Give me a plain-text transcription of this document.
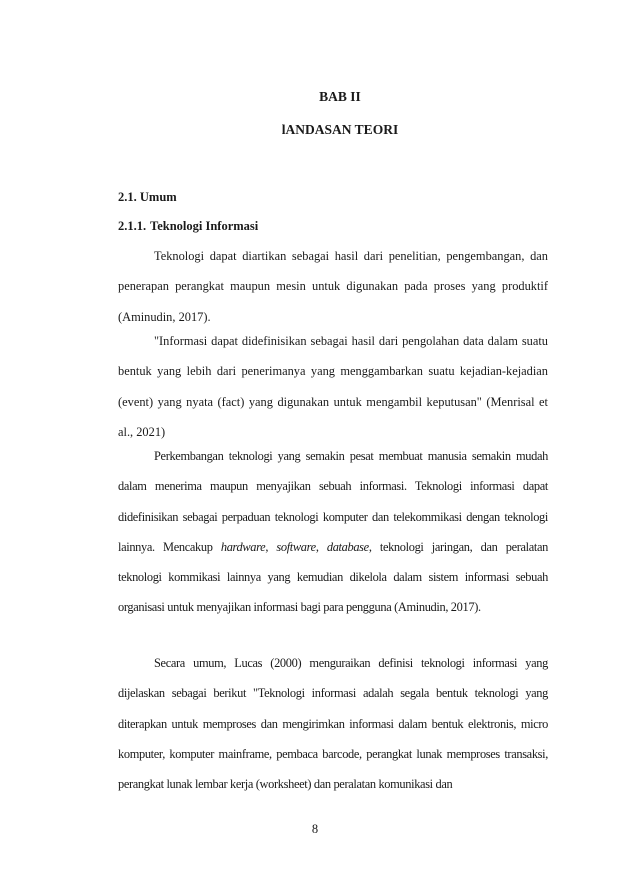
BAB II
lANDASAN TEORI
2.1. Umum
2.1.1. Teknologi Informasi

Teknologi dapat diartikan sebagai hasil dari penelitian, pengembangan, dan penerapan perangkat maupun mesin untuk digunakan pada proses yang produktif (Aminudin, 2017).

"Informasi dapat didefinisikan sebagai hasil dari pengolahan data dalam suatu bentuk yang lebih dari penerimanya yang menggambarkan suatu kejadian-kejadian (event) yang nyata (fact) yang digunakan untuk mengambil keputusan" (Menrisal et al., 2021)

Perkembangan teknologi yang semakin pesat membuat manusia semakin mudah dalam menerima maupun menyajikan sebuah informasi. Teknologi informasi dapat didefinisikan sebagai perpaduan teknologi komputer dan telekommikasi dengan teknologi lainnya. Mencakup hardware, software, database, teknologi jaringan, dan peralatan teknologi kommikasi lainnya yang kemudian dikelola dalam sistem informasi sebuah organisasi untuk menyajikan informasi bagi para pengguna (Aminudin, 2017).

Secara umum, Lucas (2000) menguraikan definisi teknologi informasi yang dijelaskan sebagai berikut "Teknologi informasi adalah segala bentuk teknologi yang diterapkan untuk memproses dan mengirimkan informasi dalam bentuk elektronis, micro komputer, komputer mainframe, pembaca barcode, perangkat lunak memproses transaksi, perangkat lunak lembar kerja (worksheet) dan peralatan komunikasi dan

8
